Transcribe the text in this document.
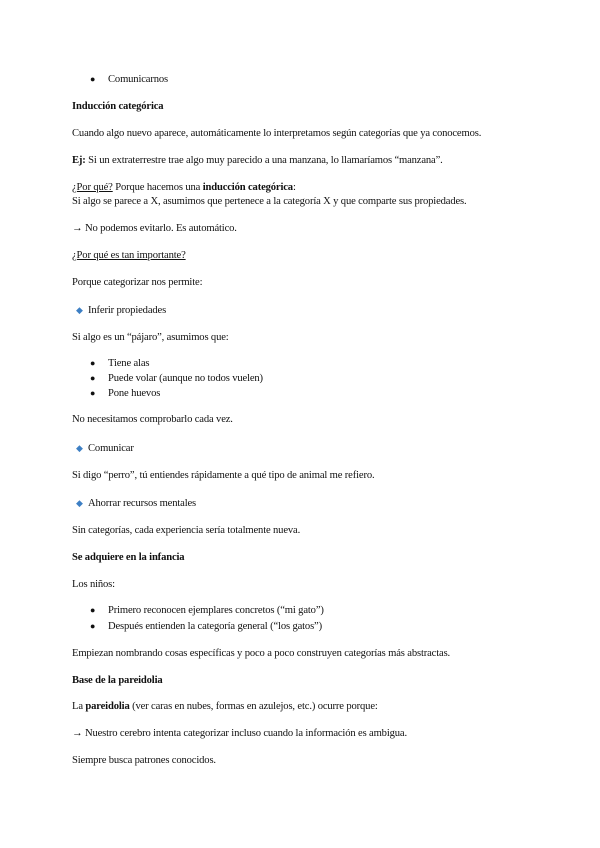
● Comunicarnos
Inducción categórica
Cuando algo nuevo aparece, automáticamente lo interpretamos según categorías que ya conocemos.
Ej: Si un extraterrestre trae algo muy parecido a una manzana, lo llamaríamos “manzana”.
¿Por qué? Porque hacemos una inducción categórica:
Si algo se parece a X, asumimos que pertenece a la categoría X y que comparte sus propiedades.
→ No podemos evitarlo. Es automático.
¿Por qué es tan importante?
Porque categorizar nos permite:
◆ Inferir propiedades
Si algo es un “pájaro”, asumimos que:
● Tiene alas
● Puede volar (aunque no todos vuelen)
● Pone huevos
No necesitamos comprobarlo cada vez.
◆ Comunicar
Si digo “perro”, tú entiendes rápidamente a qué tipo de animal me refiero.
◆ Ahorrar recursos mentales
Sin categorías, cada experiencia sería totalmente nueva.
Se adquiere en la infancia
Los niños:
● Primero reconocen ejemplares concretos (“mi gato”)
● Después entienden la categoría general (“los gatos”)
Empiezan nombrando cosas específicas y poco a poco construyen categorías más abstractas.
Base de la pareidolia
La pareidolia (ver caras en nubes, formas en azulejos, etc.) ocurre porque:
→ Nuestro cerebro intenta categorizar incluso cuando la información es ambigua.
Siempre busca patrones conocidos.
